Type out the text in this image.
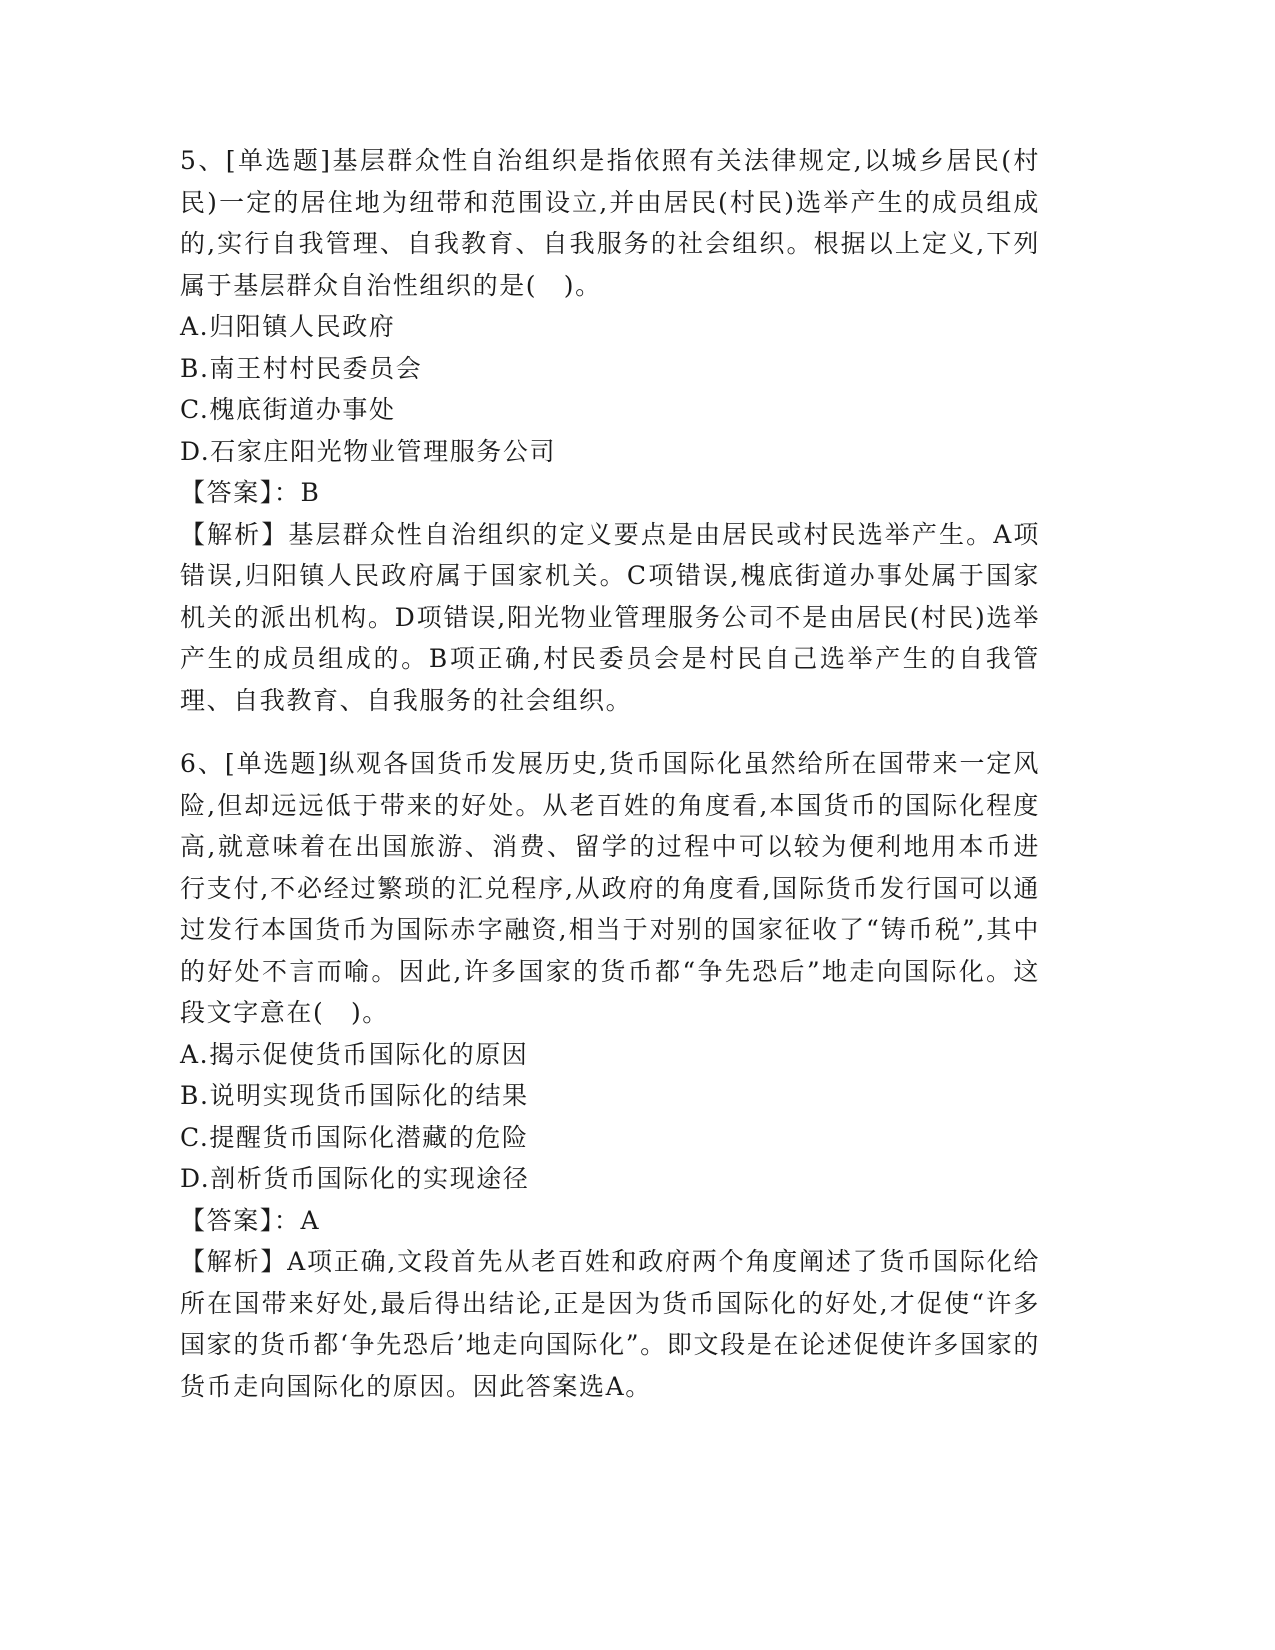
5、[单选题]基层群众性自治组织是指依照有关法律规定,以城乡居民(村民)一定的居住地为纽带和范围设立,并由居民(村民)选举产生的成员组成的,实行自我管理、自我教育、自我服务的社会组织。根据以上定义,下列属于基层群众自治性组织的是(　)。

A.归阳镇人民政府

B.南王村村民委员会

C.槐底街道办事处

D.石家庄阳光物业管理服务公司

【答案】：B

【解析】基层群众性自治组织的定义要点是由居民或村民选举产生。A项错误,归阳镇人民政府属于国家机关。C项错误,槐底街道办事处属于国家机关的派出机构。D项错误,阳光物业管理服务公司不是由居民(村民)选举产生的成员组成的。B项正确,村民委员会是村民自己选举产生的自我管理、自我教育、自我服务的社会组织。

6、[单选题]纵观各国货币发展历史,货币国际化虽然给所在国带来一定风险,但却远远低于带来的好处。从老百姓的角度看,本国货币的国际化程度高,就意味着在出国旅游、消费、留学的过程中可以较为便利地用本币进行支付,不必经过繁琐的汇兑程序,从政府的角度看,国际货币发行国可以通过发行本国货币为国际赤字融资,相当于对别的国家征收了“铸币税”,其中的好处不言而喻。因此,许多国家的货币都“争先恐后”地走向国际化。这段文字意在(　)。

A.揭示促使货币国际化的原因

B.说明实现货币国际化的结果

C.提醒货币国际化潜藏的危险

D.剖析货币国际化的实现途径

【答案】：A

【解析】A项正确,文段首先从老百姓和政府两个角度阐述了货币国际化给所在国带来好处,最后得出结论,正是因为货币国际化的好处,才促使“许多国家的货币都‘争先恐后’地走向国际化”。即文段是在论述促使许多国家的货币走向国际化的原因。因此答案选A。
